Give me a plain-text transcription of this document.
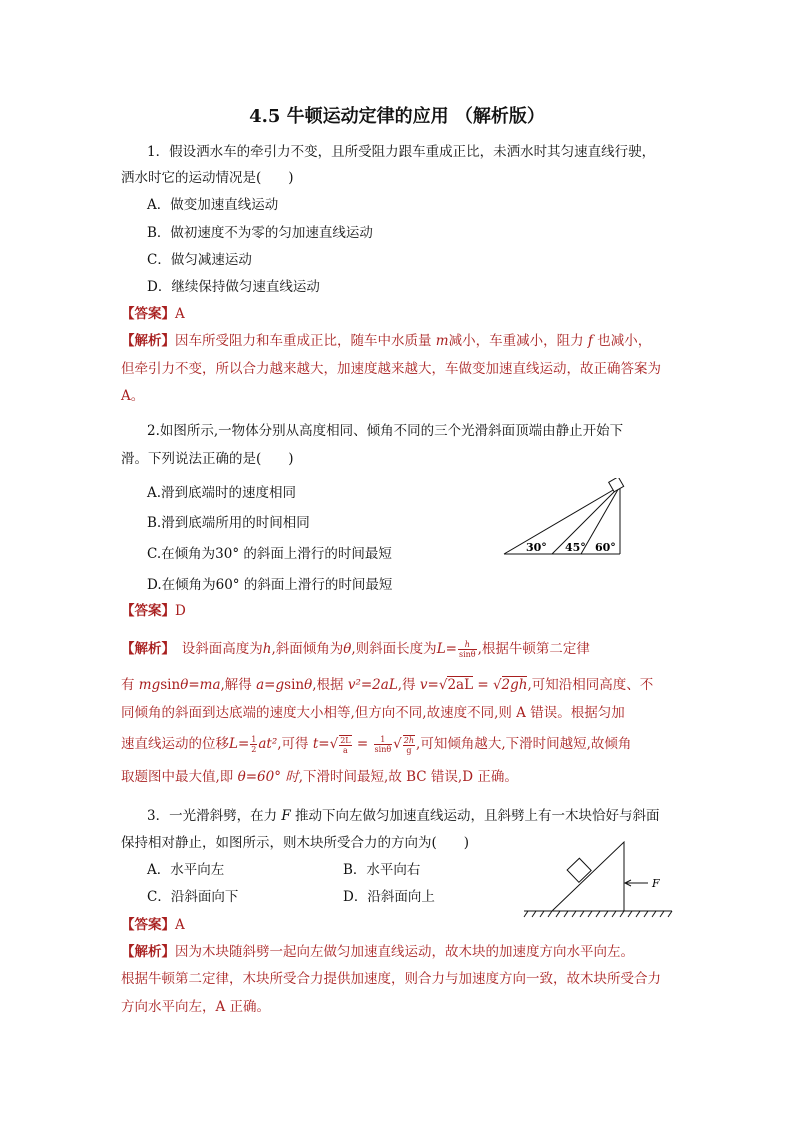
4.5 牛顿运动定律的应用 （解析版）
1．假设洒水车的牵引力不变，且所受阻力跟车重成正比，未洒水时其匀速直线行驶，
洒水时它的运动情况是(　　)
A．做变加速直线运动
B．做初速度不为零的匀加速直线运动
C．做匀减速运动
D．继续保持做匀速直线运动
【答案】A
【解析】因车所受阻力和车重成正比，随车中水质量 m减小，车重减小，阻力 f 也减小，
但牵引力不变，所以合力越来越大，加速度越来越大，车做变加速直线运动，故正确答案为
A。
2.如图所示,一物体分别从高度相同、倾角不同的三个光滑斜面顶端由静止开始下
滑。下列说法正确的是(　　)
A.滑到底端时的速度相同
B.滑到底端所用的时间相同
C.在倾角为30° 的斜面上滑行的时间最短
D.在倾角为60° 的斜面上滑行的时间最短
30° 45° 60°
【答案】D
【解析】　设斜面高度为h,斜面倾角为θ,则斜面长度为$L= \frac{h}{\sin\theta}$ ,根据牛顿第二定律
有 mgsinθ=ma,解得 a=gsinθ,根据 v²=2aL,得 v=√2aL = √2gh,可知沿相同高度、不
同倾角的斜面到达底端的速度大小相等,但方向不同,故速度不同,则 A 错误。根据匀加
速直线运动的位移$L= \frac{1}{2} at^2$,可得 $t=√ \frac{2L}{a} = \frac{1}{\sin\theta}$ √ $\frac{2h}{g}$ ,可知倾角越大,下滑时间越短,故倾角
取题图中最大值,即 θ=60° 时,下滑时间最短,故 BC 错误,D 正确。
3．一光滑斜劈，在力 F 推动下向左做匀加速直线运动，且斜劈上有一木块恰好与斜面
保持相对静止，如图所示，则木块所受合力的方向为(　　)
A．水平向左	B．水平向右
C．沿斜面向下	D．沿斜面向上
F
【答案】A
【解析】因为木块随斜劈一起向左做匀加速直线运动，故木块的加速度方向水平向左。
根据牛顿第二定律，木块所受合力提供加速度，则合力与加速度方向一致，故木块所受合力
方向水平向左，A 正确。
